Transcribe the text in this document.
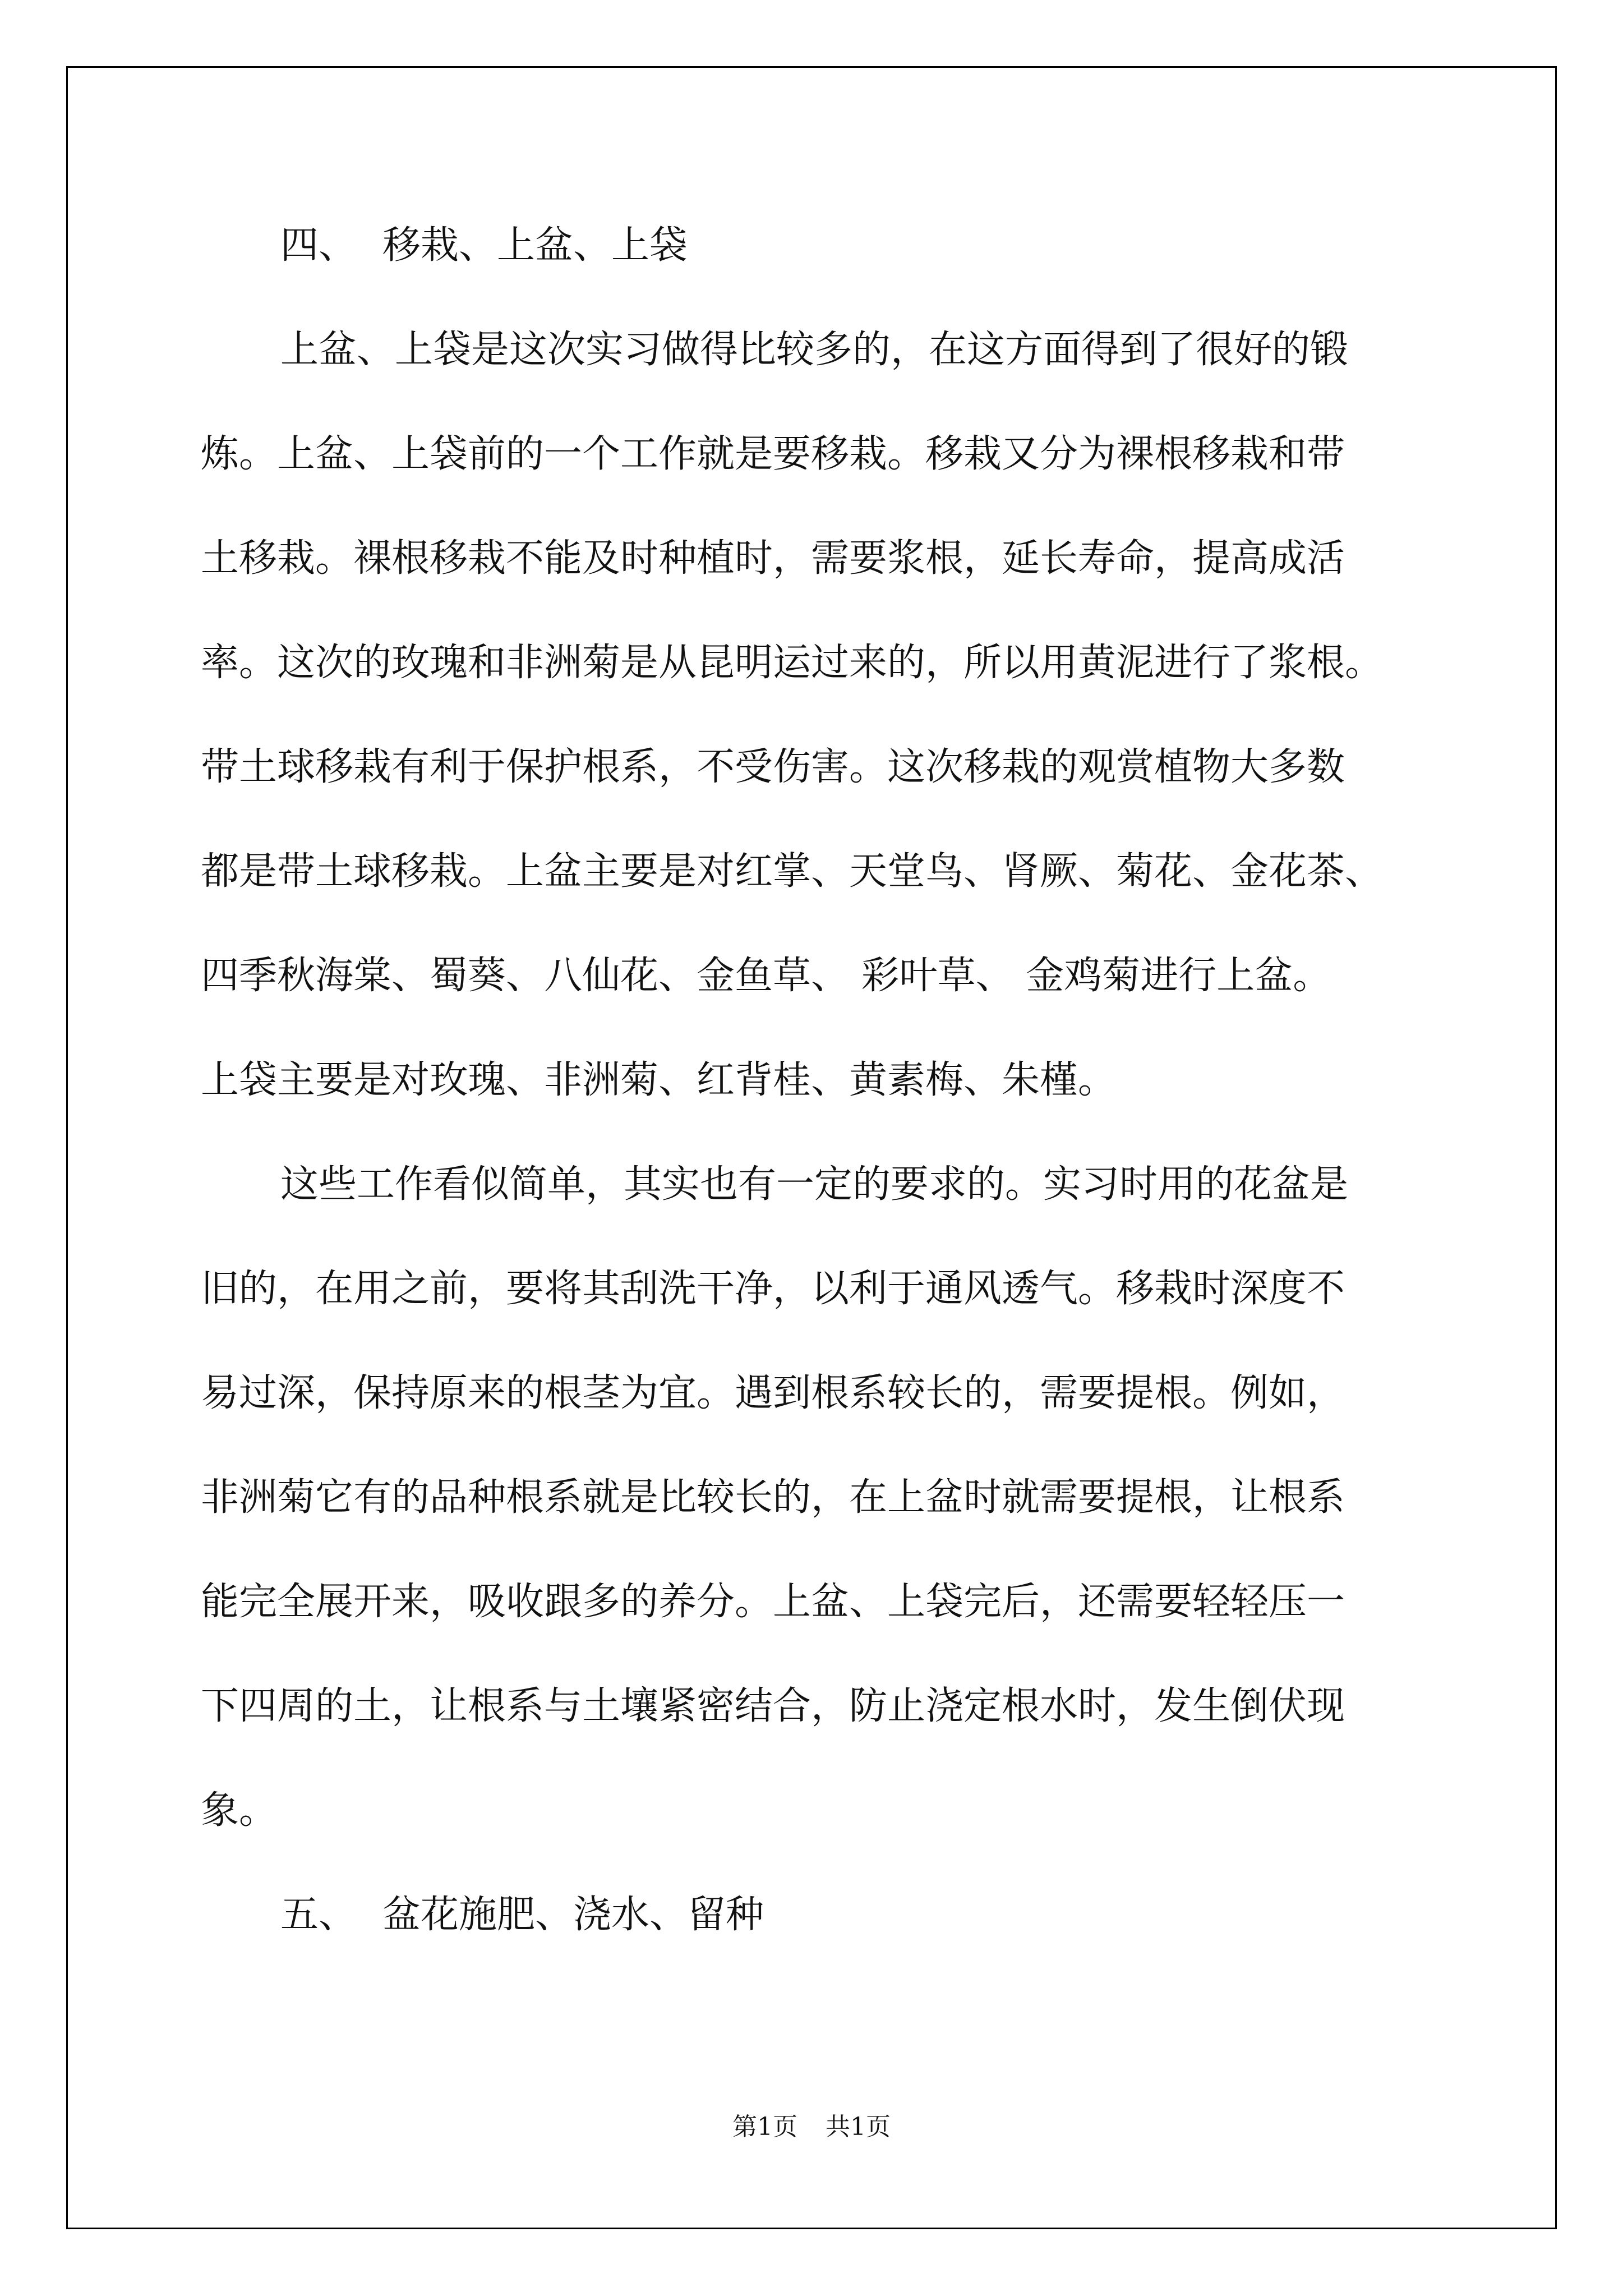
四、 移栽、上盆、上袋
上盆、上袋是这次实习做得比较多的，在这方面得到了很好的锻
炼。上盆、上袋前的一个工作就是要移栽。移栽又分为裸根移栽和带
土移栽。裸根移栽不能及时种植时，需要浆根，延长寿命，提高成活
率。这次的玫瑰和非洲菊是从昆明运过来的，所以用黄泥进行了浆根。
带土球移栽有利于保护根系，不受伤害。这次移栽的观赏植物大多数
都是带土球移栽。上盆主要是对红掌、天堂鸟、肾厥、菊花、金花茶、
四季秋海棠、蜀葵、八仙花、金鱼草、 彩叶草、 金鸡菊进行上盆。
上袋主要是对玫瑰、非洲菊、红背桂、黄素梅、朱槿。
这些工作看似简单，其实也有一定的要求的。实习时用的花盆是
旧的，在用之前，要将其刮洗干净，以利于通风透气。移栽时深度不
易过深，保持原来的根茎为宜。遇到根系较长的，需要提根。例如，
非洲菊它有的品种根系就是比较长的，在上盆时就需要提根，让根系
能完全展开来，吸收跟多的养分。上盆、上袋完后，还需要轻轻压一
下四周的土，让根系与土壤紧密结合，防止浇定根水时，发生倒伏现
象。
五、 盆花施肥、浇水、留种
第1页 共1页
